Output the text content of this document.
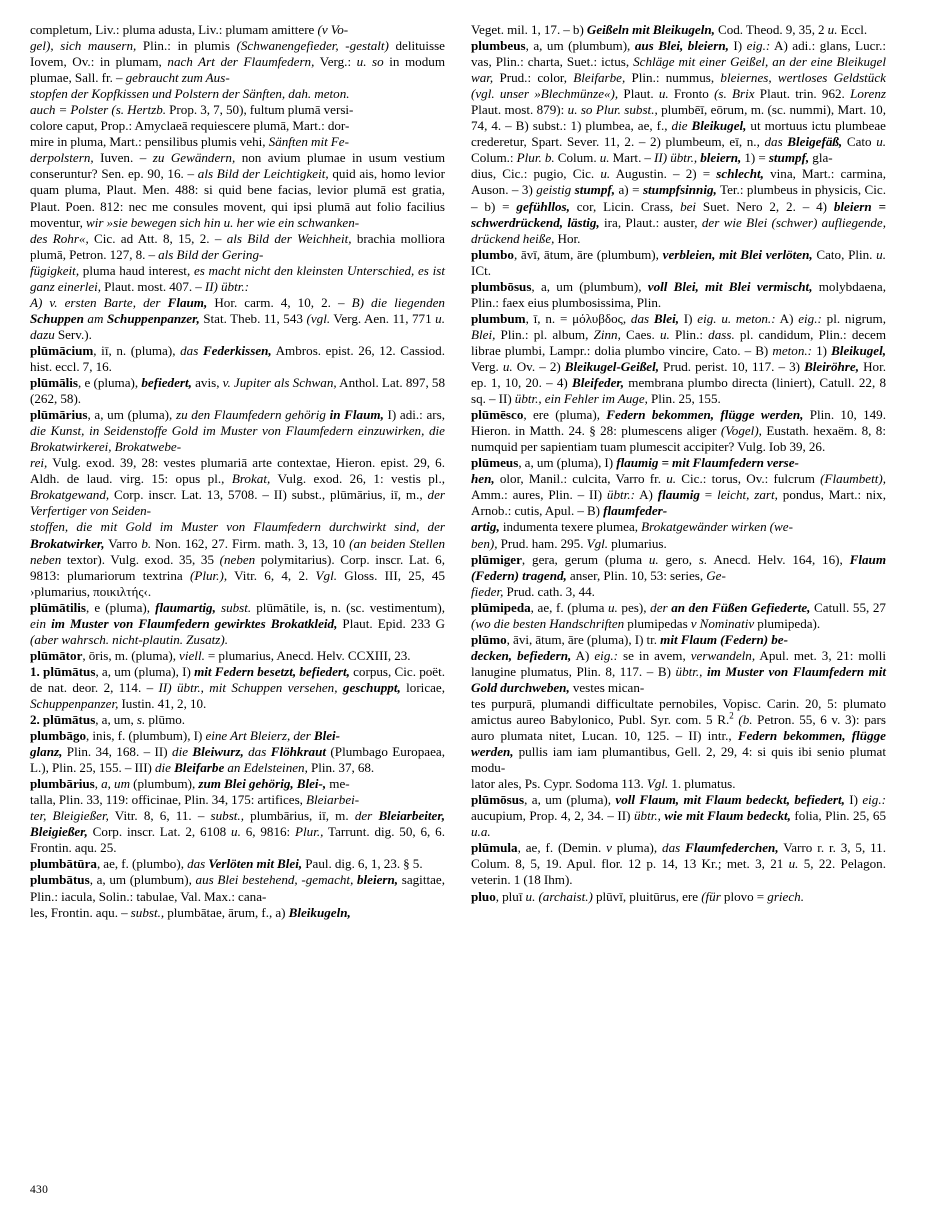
completum, Liv.: pluma adusta, Liv.: plumam amittere (v Vo-
gel), sich mausern, Plin.: in plumis (Schwanengefieder, -gestalt) delituisse Iovem, Ov.: in plumam, nach Art der Flaumfedern, Verg.: u. so in modum plumae, Sall. fr. – gebraucht zum Aus-
stopfen der Kopfkissen und Polstern der Sänften, dah. meton.
auch = Polster (s. Hertzb. Prop. 3, 7, 50), fultum plumā versi-
colore caput, Prop.: Amyclaeā requiescere plumā, Mart.: dor-
mire in pluma, Mart.: pensilibus plumis vehi, Sänften mit Fe-
derpolstern, Iuven. – zu Gewändern, non avium plumae in usum vestium conseruntur? Sen. ep. 90, 16. – als Bild der Leichtigkeit, quid ais, homo levior quam pluma, Plaut. Men. 488: si quid bene facias, levior plumā est gratia, Plaut. Poen. 812: nec me consules movent, qui ipsi plumā aut folio facilius moventur, wir »sie bewegen sich hin u. her wie ein schwanken-
des Rohr«, Cic. ad Att. 8, 15, 2. – als Bild der Weichheit, brachia molliora plumā, Petron. 127, 8. – als Bild der Gering-
fügigkeit, pluma haud interest, es macht nicht den kleinsten Unterschied, es ist ganz einerlei, Plaut. most. 407. – II) übtr.:
A) v. ersten Barte, der Flaum, Hor. carm. 4, 10, 2. – B) die liegenden Schuppen am Schuppenpanzer, Stat. Theb. 11, 543 (vgl. Verg. Aen. 11, 771 u. dazu Serv.).

plūmācium, iī, n. (pluma), das Federkissen, Ambros. epist. 26, 12. Cassiod. hist. eccl. 7, 16.

plūmālis, e (pluma), befiedert, avis, v. Jupiter als Schwan, Anthol. Lat. 897, 58 (262, 58).

plūmārius, a, um (pluma), zu den Flaumfedern gehörig in Flaum, I) adi.: ars, die Kunst, in Seidenstoffe Gold im Muster von Flaumfedern einzuwirken, die Brokatwirkerei, Brokatwebe-
rei, Vulg. exod. 39, 28: vestes plumariā arte contextae, Hieron. epist. 29, 6. Aldh. de laud. virg. 15: opus pl., Brokat, Vulg. exod. 26, 1: vestis pl., Brokatgewand, Corp. inscr. Lat. 13, 5708. – II) subst., plūmārius, iī, m., der Verfertiger von Seiden-
stoffen, die mit Gold im Muster von Flaumfedern durchwirkt sind, der Brokatwirker, Varro b. Non. 162, 27. Firm. math. 3, 13, 10 (an beiden Stellen neben textor). Vulg. exod. 35, 35 (neben polymitarius). Corp. inscr. Lat. 6, 9813: plumariorum textrina (Plur.), Vitr. 6, 4, 2. Vgl. Gloss. III, 25, 45 ›plumarius, ποικιλτής‹.

plūmātilis, e (pluma), flaumartig, subst. plūmātile, is, n. (sc. vestimentum), ein im Muster von Flaumfedern gewirktes Brokatkleid, Plaut. Epid. 233 G (aber wahrsch. nicht-plautin. Zusatz).

plūmātor, ōris, m. (pluma), viell. = plumarius, Anecd. Helv. CCXIII, 23.

1. plūmātus, a, um (pluma), I) mit Federn besetzt, befiedert, corpus, Cic. poët. de nat. deor. 2, 114. – II) übtr., mit Schuppen versehen, geschuppt, loricae, Schuppenpanzer, Iustin. 41, 2, 10.

2. plūmātus, a, um, s. plūmo.

plumbāgo, inis, f. (plumbum), I) eine Art Bleierz, der Blei-
glanz, Plin. 34, 168. – II) die Bleiwurz, das Flöhkraut (Plumbago Europaea, L.), Plin. 25, 155. – III) die Bleifarbe an Edelsteinen, Plin. 37, 68.

plumbārius, a, um (plumbum), zum Blei gehörig, Blei-, me-
talla, Plin. 33, 119: officinae, Plin. 34, 175: artifices, Bleiarbei-
ter, Bleigießer, Vitr. 8, 6, 11. – subst., plumbārius, iī, m. der Bleiarbeiter, Bleigießer, Corp. inscr. Lat. 2, 6108 u. 6, 9816: Plur., Tarrunt. dig. 50, 6, 6. Frontin. aqu. 25.

plumbātūra, ae, f. (plumbo), das Verlöten mit Blei, Paul. dig. 6, 1, 23. § 5.

plumbātus, a, um (plumbum), aus Blei bestehend, -gemacht, bleiern, sagittae, Plin.: iacula, Solin.: tabulae, Val. Max.: cana-
les, Frontin. aqu. – subst., plumbātae, ārum, f., a) Bleikugeln,

Veget. mil. 1, 17. – b) Geißeln mit Bleikugeln, Cod. Theod. 9, 35, 2 u. Eccl.

plumbeus, a, um (plumbum), aus Blei, bleiern, I) eig.: A) adi.: glans, Lucr.: vas, Plin.: charta, Suet.: ictus, Schläge mit einer Geißel, an der eine Bleikugel war, Prud.: color, Bleifarbe, Plin.: nummus, bleiernes, wertloses Geldstück (vgl. unser »Blechmünze«), Plaut. u. Fronto (s. Brix Plaut. trin. 962. Lorenz Plaut. most. 879): u. so Plur. subst., plumbēī, eōrum, m. (sc. nummi), Mart. 10, 74, 4. – B) subst.: 1) plumbea, ae, f., die Bleikugel, ut mortuus ictu plumbeae crederetur, Spart. Sever. 11, 2. – 2) plumbeum, eī, n., das Bleigefäß, Cato u. Colum.: Plur. b. Colum. u. Mart. – II) übtr., bleiern, 1) = stumpf, gla-
dius, Cic.: pugio, Cic. u. Augustin. – 2) = schlecht, vina, Mart.: carmina, Auson. – 3) geistig stumpf, a) = stumpfsinnig, Ter.: plumbeus in physicis, Cic. – b) = gefühllos, cor, Licin. Crass, bei Suet. Nero 2, 2. – 4) bleiern = schwerdrückend, lästig, ira, Plaut.: auster, der wie Blei (schwer) aufliegende, drückend heiße, Hor.

plumbo, āvī, ātum, āre (plumbum), verbleien, mit Blei verlöten, Cato, Plin. u. ICt.

plumbōsus, a, um (plumbum), voll Blei, mit Blei vermischt, molybdaena, Plin.: faex eius plumbosissima, Plin.

plumbum, ī, n. = μόλυβδος, das Blei, I) eig. u. meton.: A) eig.: pl. nigrum, Blei, Plin.: pl. album, Zinn, Caes. u. Plin.: dass. pl. candidum, Plin.: decem librae plumbi, Lampr.: dolia plumbo vincire, Cato. – B) meton.: 1) Bleikugel, Verg. u. Ov. – 2) Bleikugel-Geißel, Prud. perist. 10, 117. – 3) Bleiröhre, Hor. ep. 1, 10, 20. – 4) Bleifeder, membrana plumbo directa (liniert), Catull. 22, 8 sq. – II) übtr., ein Fehler im Auge, Plin. 25, 155.

plūmēsco, ere (pluma), Federn bekommen, flügge werden, Plin. 10, 149. Hieron. in Matth. 24. § 28: plumescens aliger (Vogel), Eustath. hexaëm. 8, 8: numquid per sapientiam tuam plumescit accipiter? Vulg. Iob 39, 26.

plūmeus, a, um (pluma), I) flaumig = mit Flaumfedern verse-
hen, olor, Manil.: culcita, Varro fr. u. Cic.: torus, Ov.: fulcrum (Flaumbett), Amm.: aures, Plin. – II) übtr.: A) flaumig = leicht, zart, pondus, Mart.: nix, Arnob.: cutis, Apul. – B) flaumfeder-
artig, indumenta texere plumea, Brokatgewänder wirken (we-
ben), Prud. ham. 295. Vgl. plumarius.

plūmiger, gera, gerum (pluma u. gero, s. Anecd. Helv. 164, 16), Flaum (Federn) tragend, anser, Plin. 10, 53: series, Ge-
fieder, Prud. cath. 3, 44.

plūmipeda, ae, f. (pluma u. pes), der an den Füßen Gefiederte, Catull. 55, 27 (wo die besten Handschriften plumipedas v Nominativ plumipeda).

plūmo, āvi, ātum, āre (pluma), I) tr. mit Flaum (Federn) be-
decken, befiedern, A) eig.: se in avem, verwandeln, Apul. met. 3, 21: molli lanugine plumatus, Plin. 8, 117. – B) übtr., im Muster von Flaumfedern mit Gold durchweben, vestes mican-
tes purpurā, plumandi difficultate pernobiles, Vopisc. Carin. 20, 5: plumato amictus aureo Babylonico, Publ. Syr. com. 5 R.$^2$ (b. Petron. 55, 6 v. 3): pars auro plumata nitet, Lucan. 10, 125. – II) intr., Federn bekommen, flügge werden, pullis iam iam plumantibus, Gell. 2, 29, 4: si quis ibi senio plumat modu-
lator ales, Ps. Cypr. Sodoma 113. Vgl. 1. plumatus.

plūmōsus, a, um (pluma), voll Flaum, mit Flaum bedeckt, befiedert, I) eig.: aucupium, Prop. 4, 2, 34. – II) übtr., wie mit Flaum bedeckt, folia, Plin. 25, 65 u.a.

plūmula, ae, f. (Demin. v pluma), das Flaumfederchen, Varro r. r. 3, 5, 11. Colum. 8, 5, 19. Apul. flor. 12 p. 14, 13 Kr.; met. 3, 21 u. 5, 22. Pelagon. veterin. 1 (18 Ihm).

pluo, pluī u. (archaist.) plūvī, pluitūrus, ere (für plovo = griech.

430
